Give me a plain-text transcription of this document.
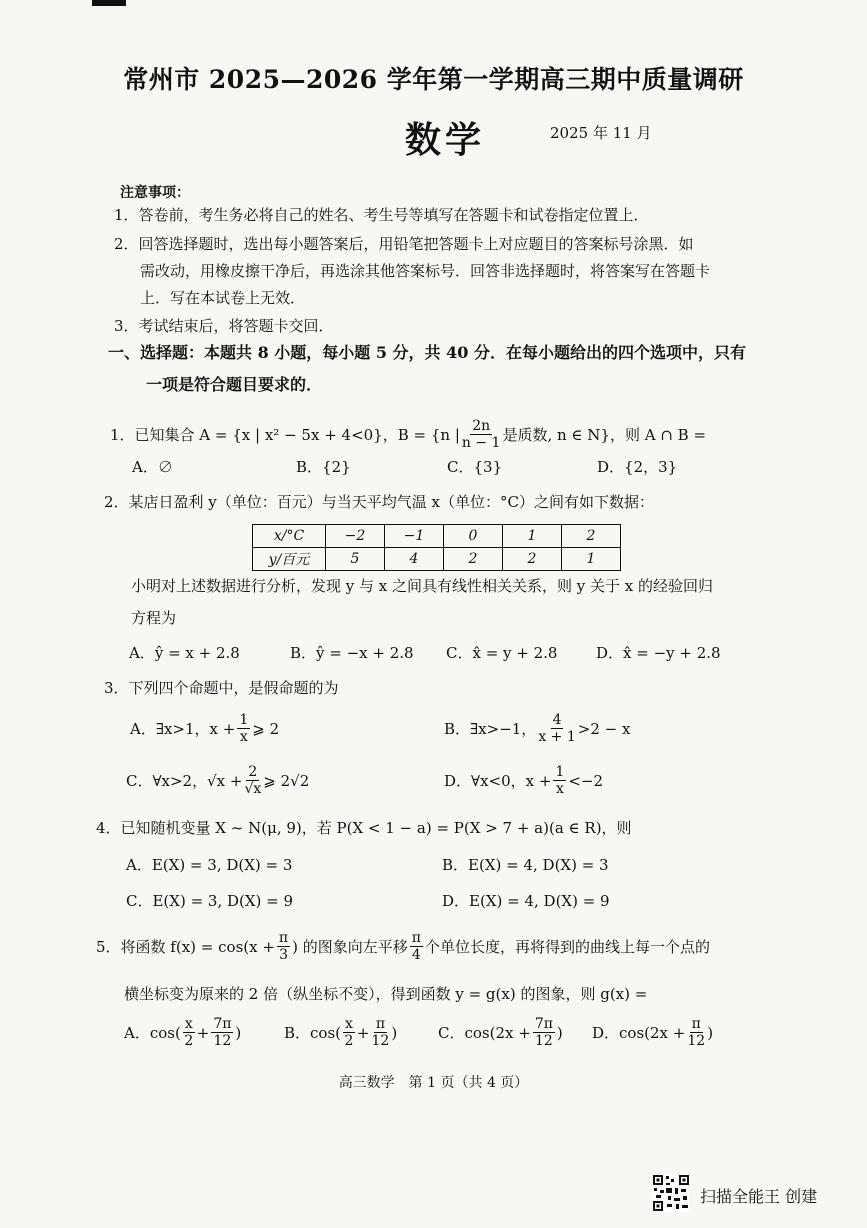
常州市 2025—2026 学年第一学期高三期中质量调研
数学	2025 年 11 月
注意事项：
1．答卷前，考生务必将自己的姓名、考生号等填写在答题卡和试卷指定位置上．
2．回答选择题时，选出每小题答案后，用铅笔把答题卡上对应题目的答案标号涂黑．如
需改动，用橡皮擦干净后，再选涂其他答案标号．回答非选择题时，将答案写在答题卡
上．写在本试卷上无效．
3．考试结束后，将答题卡交回．
一、选择题：本题共 8 小题，每小题 5 分，共 40 分．在每小题给出的四个选项中，只有
一项是符合题目要求的．
1．已知集合 A = {x | x² − 5x + 4<0}，B = {n | $\frac{2n}{n - 1}$ 是质数, n ∈ N}，则 A ∩ B =
A．∅	B．{2}	C．{3}	D．{2，3}
2．某店日盈利 y（单位：百元）与当天平均气温 x（单位：°C）之间有如下数据：
x/°C	−2	−1	0	1	2
y/百元	5	4	2	2	1
小明对上述数据进行分析，发现 y 与 x 之间具有线性相关关系，则 y 关于 x 的经验回归
方程为
A．ŷ = x + 2.8	B．ŷ = −x + 2.8 C．x̂ = y + 2.8	D．x̂ = −y + 2.8
3．下列四个命题中，是假命题的为
A．∃x>1，$x + \frac{1}{x}$ ⩾ 2	B．∃x>−1， $\frac{4}{x + 1} >2 - x$
C．∀x>2，$√x + \frac{2}{√x}$ ⩾ 2√2	D．∀x<0，$x + \frac{1}{x} <-2$
4．已知随机变量 X ~ N(μ, 9)，若 P(X < 1 − a) = P(X > 7 + a)(a ∈ R)，则
A．E(X) = 3, D(X) = 3	B．E(X) = 4, D(X) = 3
C．E(X) = 3, D(X) = 9	D．E(X) = 4, D(X) = 9
5．将函数 $f(x) = \cos(x + \frac{\pi}{3}$ ) 的图象向左平移 $\frac{\pi}{4}$ 个单位长度，再将得到的曲线上每一个点的
横坐标变为原来的 2 倍（纵坐标不变），得到函数 y = g(x) 的图象，则 g(x) =
A．$\cos( \frac{x}{2} + \frac{7\pi}{12}$ )	B．$\cos( \frac{x}{2} + \frac{\pi}{12}$ )	C．$\cos(2x + \frac{7\pi}{12}$ ) D．$\cos(2x + \frac{\pi}{12}$ )
高三数学　第 1 页（共 4 页）
扫描全能王 创建
